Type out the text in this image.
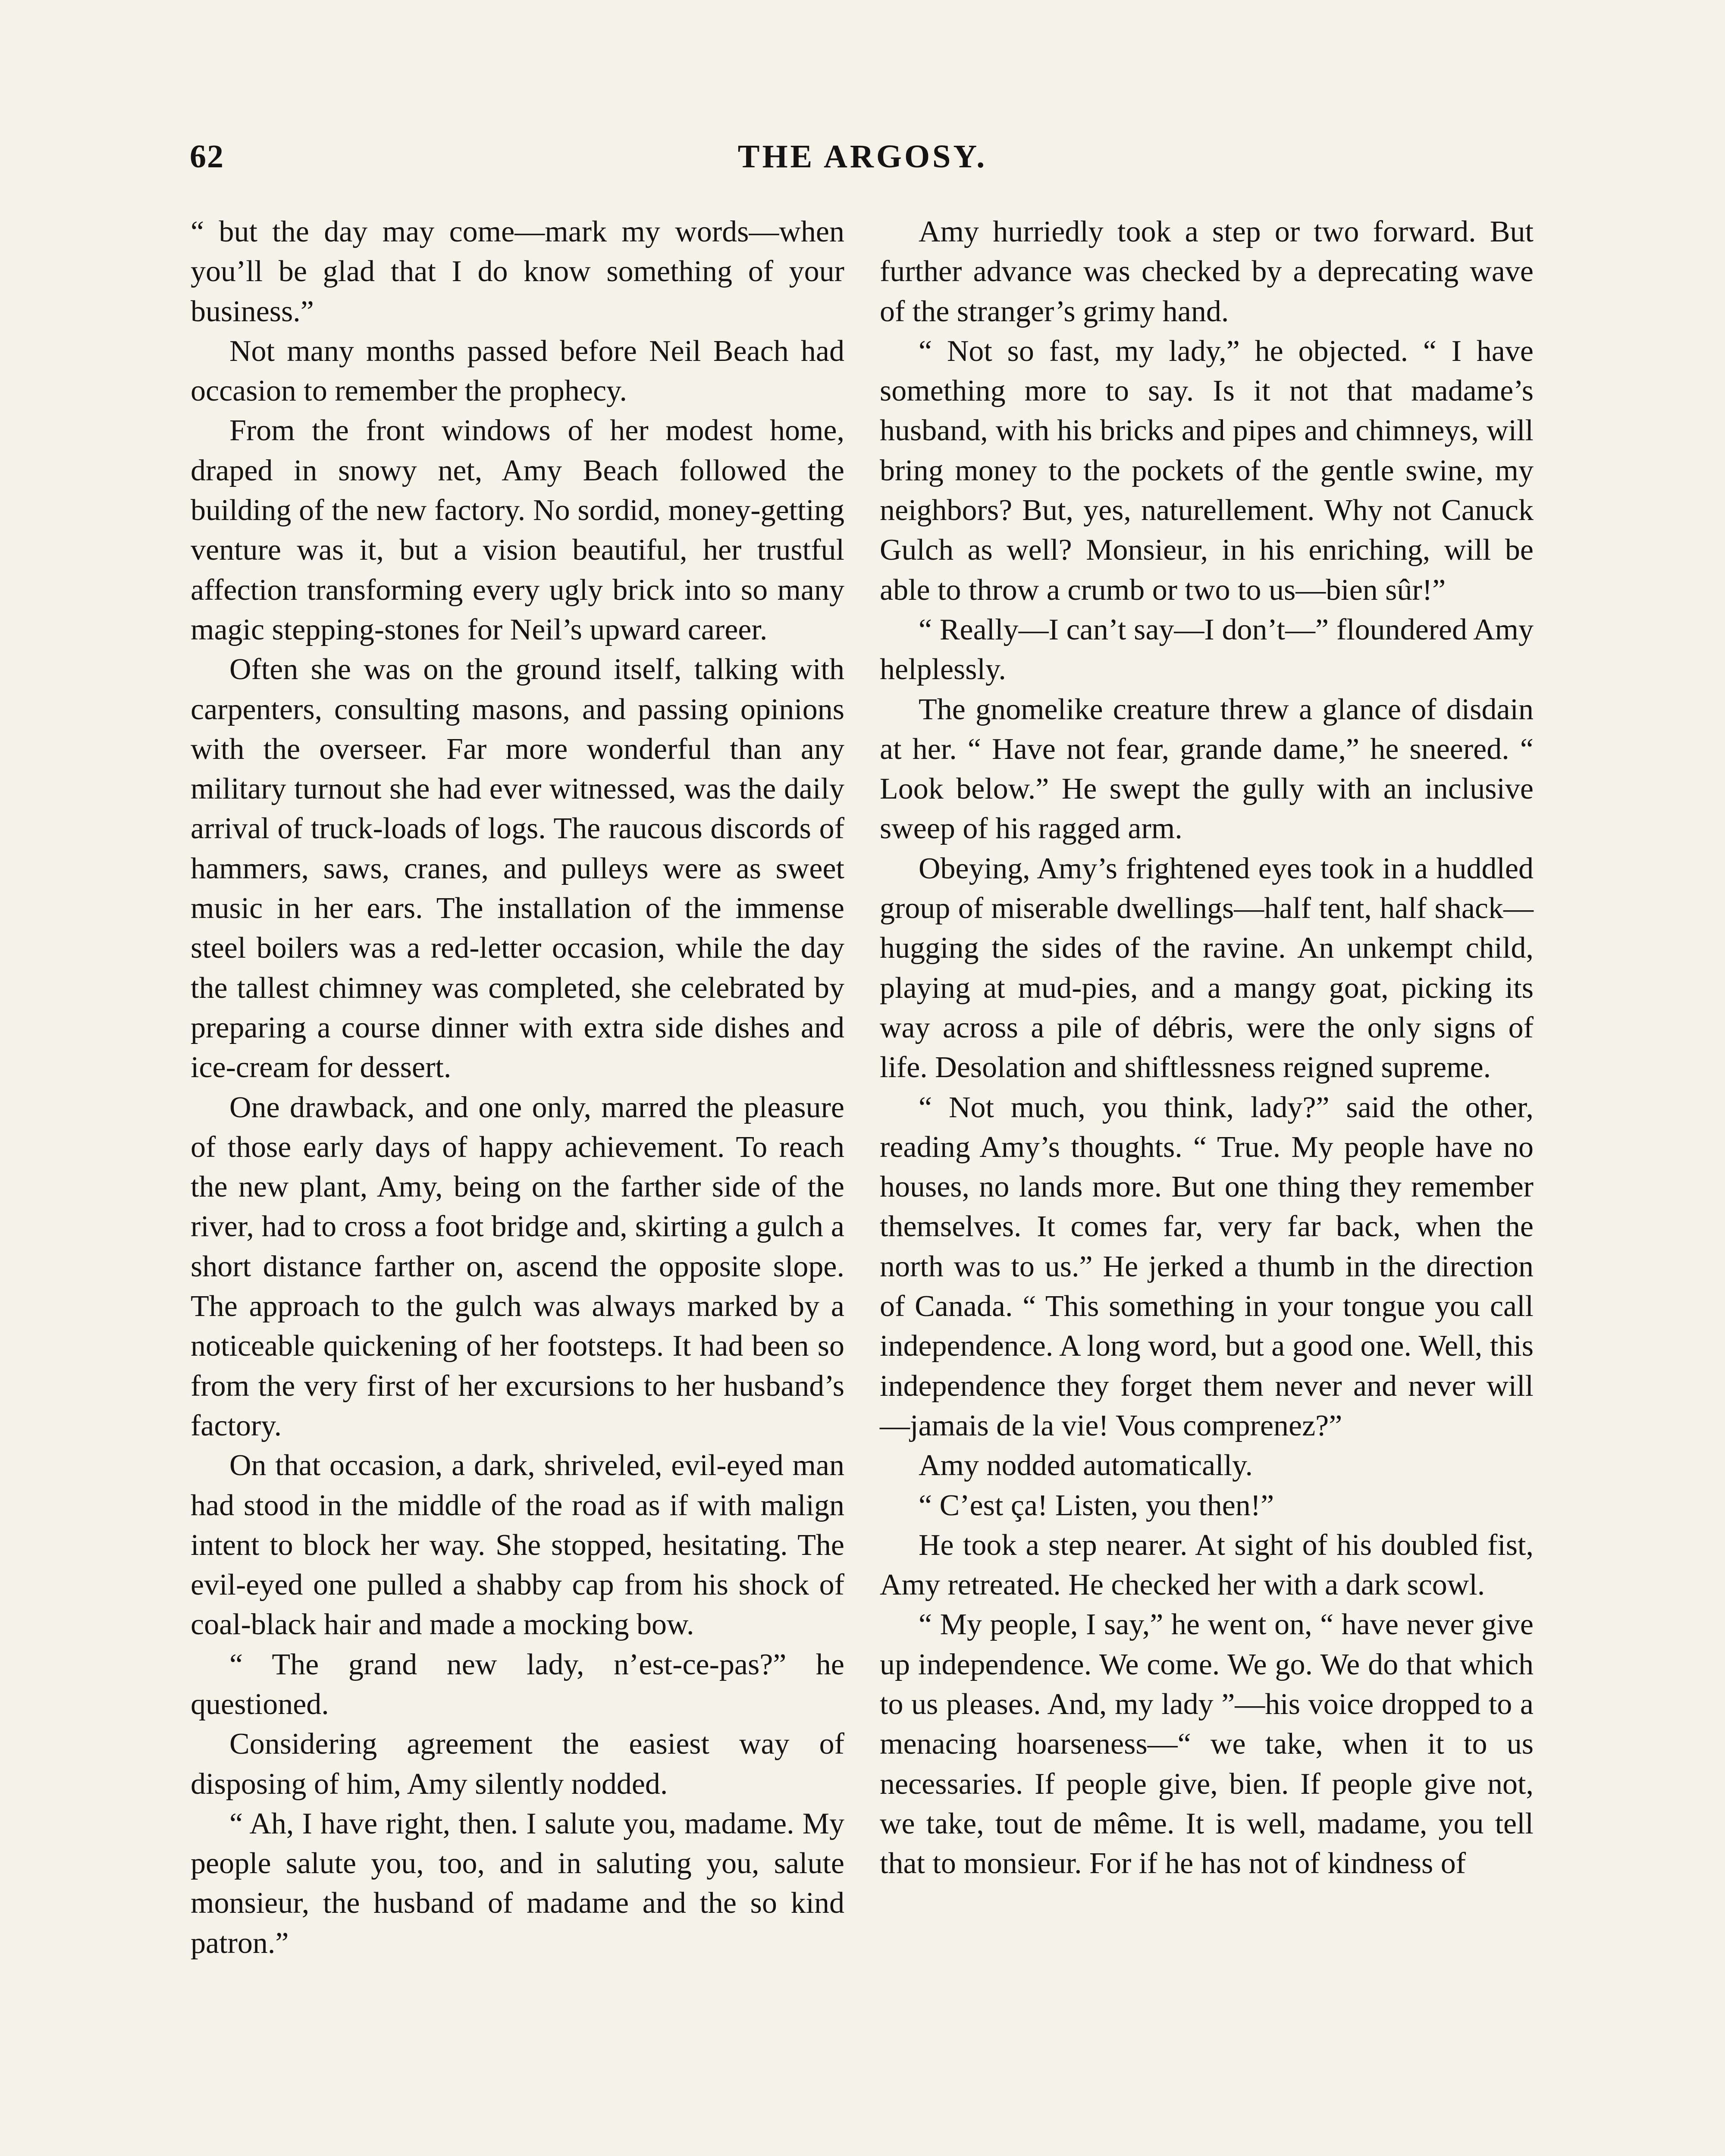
62	THE ARGOSY.

“ but the day may come—mark my words—when you’ll be glad that I do know something of your business.”

Not many months passed before Neil Beach had occasion to remember the prophecy.

From the front windows of her modest home, draped in snowy net, Amy Beach followed the building of the new factory. No sordid, money-getting venture was it, but a vision beautiful, her trustful affection transforming every ugly brick into so many magic stepping-stones for Neil’s upward career.

Often she was on the ground itself, talking with carpenters, consulting masons, and passing opinions with the overseer. Far more wonderful than any military turnout she had ever witnessed, was the daily arrival of truck-loads of logs. The raucous discords of hammers, saws, cranes, and pulleys were as sweet music in her ears. The installation of the immense steel boilers was a red-letter occasion, while the day the tallest chimney was completed, she celebrated by preparing a course dinner with extra side dishes and ice-cream for dessert.

One drawback, and one only, marred the pleasure of those early days of happy achievement. To reach the new plant, Amy, being on the farther side of the river, had to cross a foot bridge and, skirting a gulch a short distance farther on, ascend the opposite slope. The approach to the gulch was always marked by a noticeable quickening of her footsteps. It had been so from the very first of her excursions to her husband’s factory.

On that occasion, a dark, shriveled, evil-eyed man had stood in the middle of the road as if with malign intent to block her way. She stopped, hesitating. The evil-eyed one pulled a shabby cap from his shock of coal-black hair and made a mocking bow.

“ The grand new lady, n’est-ce-pas?” he questioned.

Considering agreement the easiest way of disposing of him, Amy silently nodded.

“ Ah, I have right, then. I salute you, madame. My people salute you, too, and in saluting you, salute monsieur, the husband of madame and the so kind patron.”

Amy hurriedly took a step or two forward. But further advance was checked by a deprecating wave of the stranger’s grimy hand.

“ Not so fast, my lady,” he objected. “ I have something more to say. Is it not that madame’s husband, with his bricks and pipes and chimneys, will bring money to the pockets of the gentle swine, my neighbors? But, yes, naturellement. Why not Canuck Gulch as well? Monsieur, in his enriching, will be able to throw a crumb or two to us—bien sûr!”

“ Really—I can’t say—I don’t—” floundered Amy helplessly.

The gnomelike creature threw a glance of disdain at her. “ Have not fear, grande dame,” he sneered. “ Look below.” He swept the gully with an inclusive sweep of his ragged arm.

Obeying, Amy’s frightened eyes took in a huddled group of miserable dwellings—half tent, half shack—hugging the sides of the ravine. An unkempt child, playing at mud-pies, and a mangy goat, picking its way across a pile of débris, were the only signs of life. Desolation and shiftlessness reigned supreme.

“ Not much, you think, lady?” said the other, reading Amy’s thoughts. “ True. My people have no houses, no lands more. But one thing they remember themselves. It comes far, very far back, when the north was to us.” He jerked a thumb in the direction of Canada. “ This something in your tongue you call independence. A long word, but a good one. Well, this independence they forget them never and never will—jamais de la vie! Vous comprenez?”

Amy nodded automatically.

“ C’est ça! Listen, you then!”

He took a step nearer. At sight of his doubled fist, Amy retreated. He checked her with a dark scowl.

“ My people, I say,” he went on, “ have never give up independence. We come. We go. We do that which to us pleases. And, my lady ”—his voice dropped to a menacing hoarseness—“ we take, when it to us necessaries. If people give, bien. If people give not, we take, tout de même. It is well, madame, you tell that to monsieur. For if he has not of kindness of
